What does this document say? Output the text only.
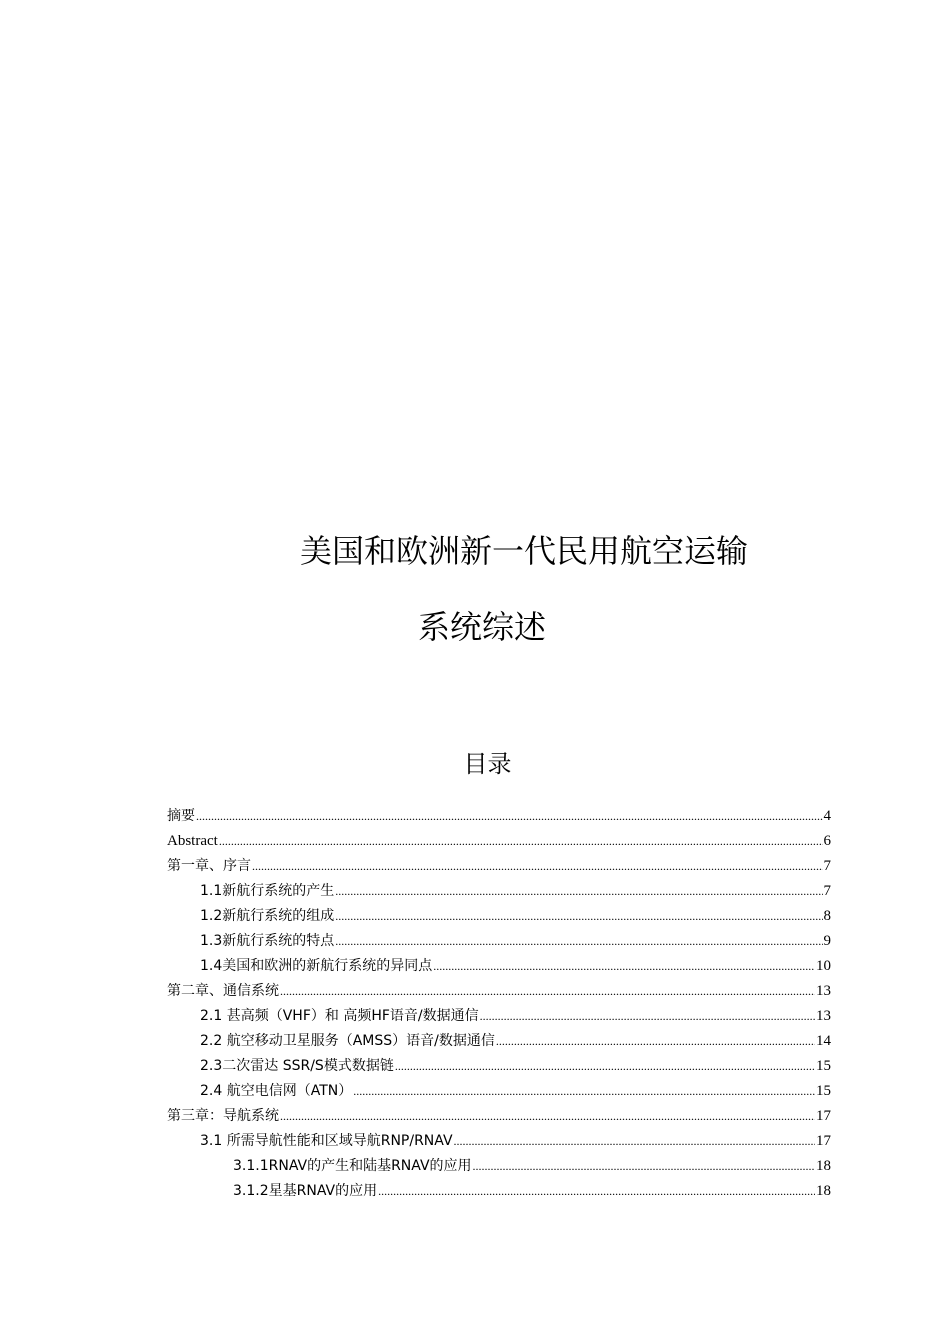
美国和欧洲新一代民用航空运输
系统综述
目录
摘要 .....	4
Abstract .....	6
第一章、序言 .....	7
1.1新航行系统的产生 .....	7
1.2新航行系统的组成 .....	8
1.3新航行系统的特点 .....	9
1.4美国和欧洲的新航行系统的异同点 .....	10
第二章、通信系统 .....	13
2.1 甚高频（VHF）和 高频HF语音/数据通信 .....	13
2.2 航空移动卫星服务（AMSS）语音/数据通信 .....	14
2.3二次雷达 SSR/S模式数据链 .....	15
2.4 航空电信网（ATN） .....	15
第三章：导航系统 .....	17
3.1 所需导航性能和区域导航RNP/RNAV .....	17
3.1.1RNAV的产生和陆基RNAV的应用 .....	18
3.1.2星基RNAV的应用 .....	18
